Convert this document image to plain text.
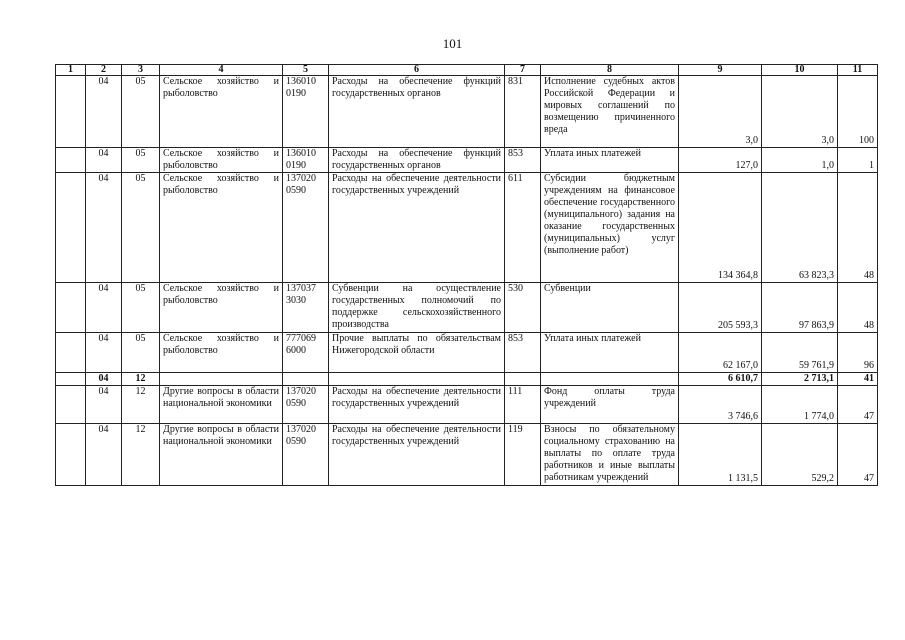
101
1	2	3	4	5	6	7	8	9	10	11
	04	05	Сельское хозяйство и рыболовство	136010 0190	Расходы на обеспечение функций государственных органов	831	Исполнение судебных актов Российской Федерации и мировых соглашений по возмещению причиненного вреда	3,0	3,0	100
	04	05	Сельское хозяйство и рыболовство	136010 0190	Расходы на обеспечение функций государственных органов	853	Уплата иных платежей	127,0	1,0	1
	04	05	Сельское хозяйство и рыболовство	137020 0590	Расходы на обеспечение деятельности государственных учреждений	611	Субсидии бюджетным учреждениям на финансовое обеспечение государственного (муниципального) задания на оказание государственных (муниципальных) услуг (выполнение работ)	134 364,8	63 823,3	48
	04	05	Сельское хозяйство и рыболовство	137037 3030	Субвенции на осуществление государственных полномочий по поддержке сельскохозяйственного производства	530	Субвенции	205 593,3	97 863,9	48
	04	05	Сельское хозяйство и рыболовство	777069 6000	Прочие выплаты по обязательствам Нижегородской области	853	Уплата иных платежей	62 167,0	59 761,9	96
	04	12						6 610,7	2 713,1	41
	04	12	Другие вопросы в области национальной экономики	137020 0590	Расходы на обеспечение деятельности государственных учреждений	111	Фонд оплаты труда учреждений	3 746,6	1 774,0	47
	04	12	Другие вопросы в области национальной экономики	137020 0590	Расходы на обеспечение деятельности государственных учреждений	119	Взносы по обязательному социальному страхованию на выплаты по оплате труда работников и иные выплаты работникам учреждений	1 131,5	529,2	47
